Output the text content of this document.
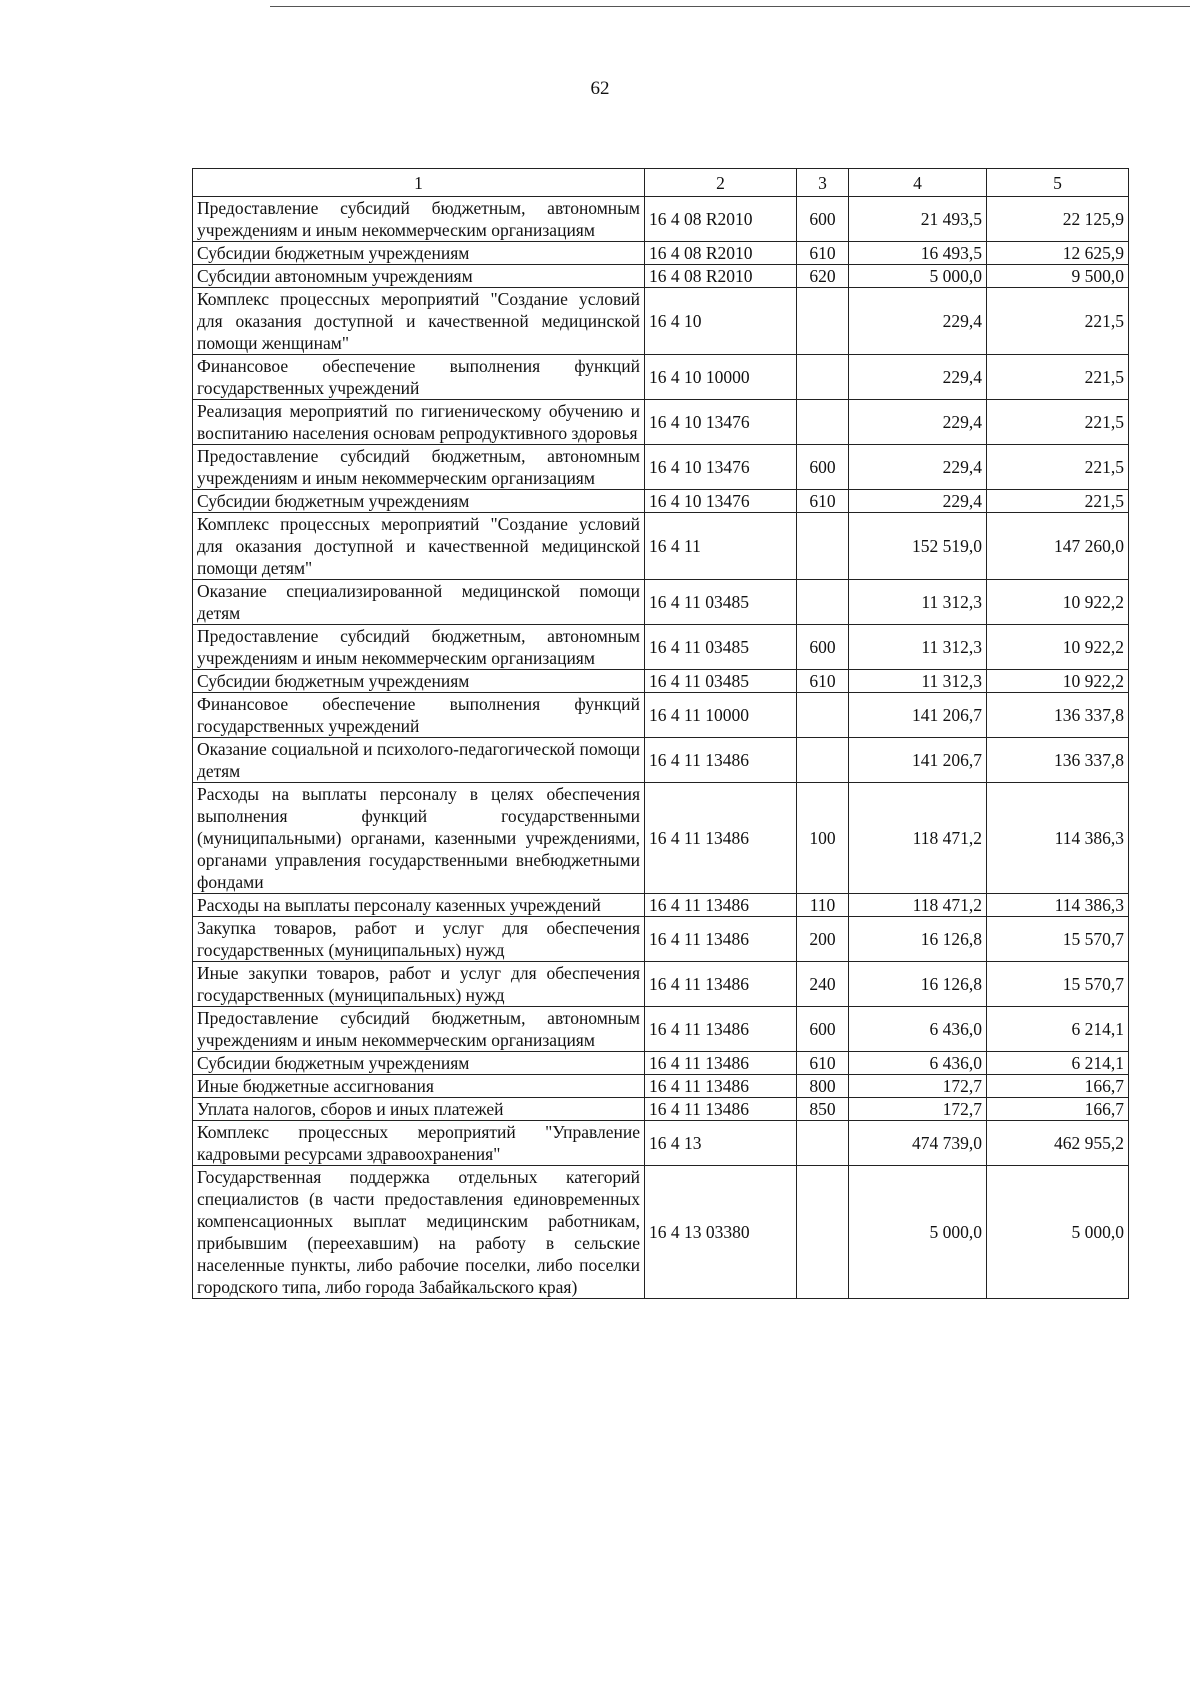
62
1	2	3	4	5
Предоставление субсидий бюджетным, автономным учреждениям и иным некоммерческим организациям	16 4 08 R2010	600	21 493,5	22 125,9
Субсидии бюджетным учреждениям	16 4 08 R2010	610	16 493,5	12 625,9
Субсидии автономным учреждениям	16 4 08 R2010	620	5 000,0	9 500,0
Комплекс процессных мероприятий "Создание условий для оказания доступной и качественной медицинской помощи женщинам"	16 4 10		229,4	221,5
Финансовое обеспечение выполнения функций государственных учреждений	16 4 10 10000		229,4	221,5
Реализация мероприятий по гигиеническому обучению и воспитанию населения основам репродуктивного здоровья	16 4 10 13476		229,4	221,5
Предоставление субсидий бюджетным, автономным учреждениям и иным некоммерческим организациям	16 4 10 13476	600	229,4	221,5
Субсидии бюджетным учреждениям	16 4 10 13476	610	229,4	221,5
Комплекс процессных мероприятий "Создание условий для оказания доступной и качественной медицинской помощи детям"	16 4 11		152 519,0	147 260,0
Оказание специализированной медицинской помощи детям	16 4 11 03485		11 312,3	10 922,2
Предоставление субсидий бюджетным, автономным учреждениям и иным некоммерческим организациям	16 4 11 03485	600	11 312,3	10 922,2
Субсидии бюджетным учреждениям	16 4 11 03485	610	11 312,3	10 922,2
Финансовое обеспечение выполнения функций государственных учреждений	16 4 11 10000		141 206,7	136 337,8
Оказание социальной и психолого-педагогической помощи детям	16 4 11 13486		141 206,7	136 337,8
Расходы на выплаты персоналу в целях обеспечения выполнения функций государственными (муниципальными) органами, казенными учреждениями, органами управления государственными внебюджетными фондами	16 4 11 13486	100	118 471,2	114 386,3
Расходы на выплаты персоналу казенных учреждений	16 4 11 13486	110	118 471,2	114 386,3
Закупка товаров, работ и услуг для обеспечения государственных (муниципальных) нужд	16 4 11 13486	200	16 126,8	15 570,7
Иные закупки товаров, работ и услуг для обеспечения государственных (муниципальных) нужд	16 4 11 13486	240	16 126,8	15 570,7
Предоставление субсидий бюджетным, автономным учреждениям и иным некоммерческим организациям	16 4 11 13486	600	6 436,0	6 214,1
Субсидии бюджетным учреждениям	16 4 11 13486	610	6 436,0	6 214,1
Иные бюджетные ассигнования	16 4 11 13486	800	172,7	166,7
Уплата налогов, сборов и иных платежей	16 4 11 13486	850	172,7	166,7
Комплекс процессных мероприятий "Управление кадровыми ресурсами здравоохранения"	16 4 13		474 739,0	462 955,2
Государственная поддержка отдельных категорий специалистов (в части предоставления единовременных компенсационных выплат медицинским работникам, прибывшим (переехавшим) на работу в сельские населенные пункты, либо рабочие поселки, либо поселки городского типа, либо города Забайкальского края)	16 4 13 03380		5 000,0	5 000,0
